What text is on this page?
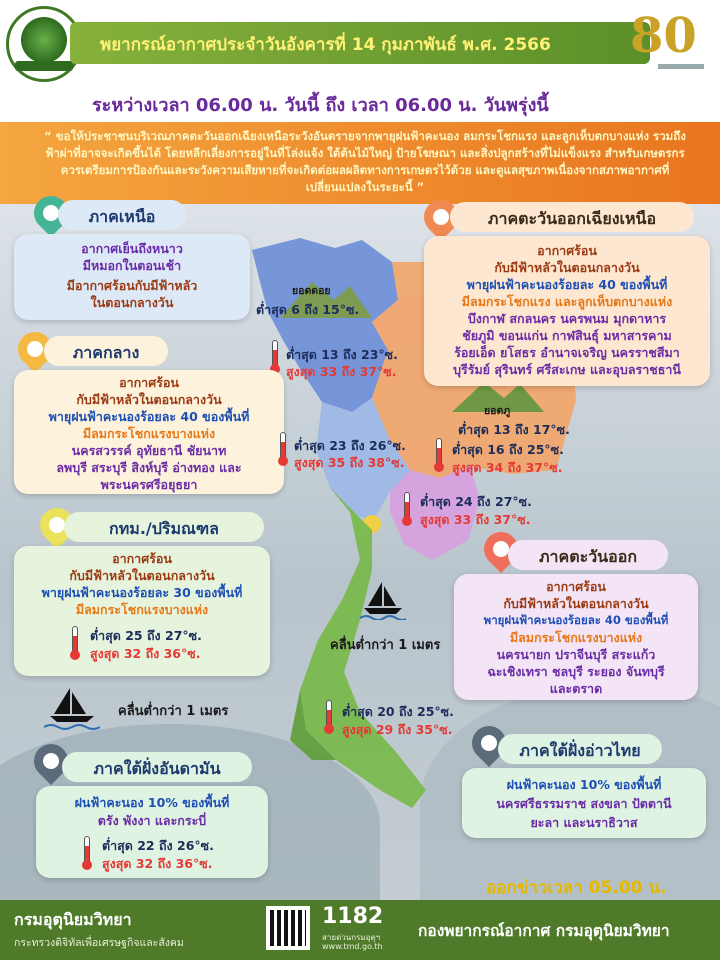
พยากรณ์อากาศประจำวันอังคารที่ 14 กุมภาพันธ์ พ.ศ. 2566 80
ระหว่างเวลา 06.00 น. วันนี้ ถึง เวลา 06.00 น. วันพรุ่งนี้

“ ขอให้ประชาชนบริเวณภาคตะวันออกเฉียงเหนือระวังอันตรายจากพายุฝนฟ้าคะนอง ลมกระโชกแรง และลูกเห็บตกบางแห่ง รวมถึงฟ้าผ่าที่อาจจะเกิดขึ้นได้ โดยหลีกเลี่ยงการอยู่ในที่โล่งแจ้ง ใต้ต้นไม้ใหญ่ ป้ายโฆษณา และสิ่งปลูกสร้างที่ไม่แข็งแรง สำหรับเกษตรกรควรเตรียมการป้องกันและระวังความเสียหายที่จะเกิดต่อผลผลิตทางการเกษตรไว้ด้วย และดูแลสุขภาพเนื่องจากสภาพอากาศที่เปลี่ยนแปลงในระยะนี้ ”

ภาคเหนือ
อากาศเย็นถึงหนาว
มีหมอกในตอนเช้า
มีอากาศร้อนกับมีฟ้าหลัว
ในตอนกลางวัน
ยอดดอย
ต่ำสุด 6 ถึง 15°ซ.
ต่ำสุด 13 ถึง 23°ซ.
สูงสุด 33 ถึง 37°ซ.
ภาคตะวันออกเฉียงเหนือ
อากาศร้อน
กับมีฟ้าหลัวในตอนกลางวัน
พายุฝนฟ้าคะนองร้อยละ 40 ของพื้นที่
มีลมกระโชกแรง และลูกเห็บตกบางแห่ง
บึงกาฬ สกลนคร นครพนม มุกดาหาร
ชัยภูมิ ขอนแก่น กาฬสินธุ์ มหาสารคาม
ร้อยเอ็ด ยโสธร อำนาจเจริญ นครราชสีมา
บุรีรัมย์ สุรินทร์ ศรีสะเกษ และอุบลราชธานี
ยอดภู
ต่ำสุด 13 ถึง 17°ซ.
ต่ำสุด 16 ถึง 25°ซ.
สูงสุด 34 ถึง 37°ซ.
ภาคกลาง
อากาศร้อน
กับมีฟ้าหลัวในตอนกลางวัน
พายุฝนฟ้าคะนองร้อยละ 40 ของพื้นที่
มีลมกระโชกแรงบางแห่ง
นครสวรรค์ อุทัยธานี ชัยนาท
ลพบุรี สระบุรี สิงห์บุรี อ่างทอง และ
พระนครศรีอยุธยา
ต่ำสุด 23 ถึง 26°ซ.
สูงสุด 35 ถึง 38°ซ.
ต่ำสุด 24 ถึง 27°ซ.
สูงสุด 33 ถึง 37°ซ.
ภาคตะวันออก
อากาศร้อน
กับมีฟ้าหลัวในตอนกลางวัน
พายุฝนฟ้าคะนองร้อยละ 40 ของพื้นที่
มีลมกระโชกแรงบางแห่ง
นครนายก ปราจีนบุรี สระแก้ว
ฉะเชิงเทรา ชลบุรี ระยอง จันทบุรี
และตราด
กทม./ปริมณฑล
อากาศร้อน
กับมีฟ้าหลัวในตอนกลางวัน
พายุฝนฟ้าคะนองร้อยละ 30 ของพื้นที่
มีลมกระโชกแรงบางแห่ง
ต่ำสุด 25 ถึง 27°ซ.
สูงสุด 32 ถึง 36°ซ.
คลื่นต่ำกว่า 1 เมตร
คลื่นต่ำกว่า 1 เมตร	ต่ำสุด 20 ถึง 25°ซ.
สูงสุด 29 ถึง 35°ซ.
ภาคใต้ฝั่งอ่าวไทย
ฝนฟ้าคะนอง 10% ของพื้นที่
นครศรีธรรมราช สงขลา ปัตตานี
ยะลา และนราธิวาส
ภาคใต้ฝั่งอันดามัน
ฝนฟ้าคะนอง 10% ของพื้นที่
ตรัง พังงา และกระบี่
ต่ำสุด 22 ถึง 26°ซ.
สูงสุด 32 ถึง 36°ซ.
ออกข่าวเวลา 05.00 น.
กรมอุตุนิยมวิทยา
กระทรวงดิจิทัลเพื่อเศรษฐกิจและสังคม
1182
สายด่วนกรมอุตุฯ
www.tmd.go.th
กองพยากรณ์อากาศ กรมอุตุนิยมวิทยา
